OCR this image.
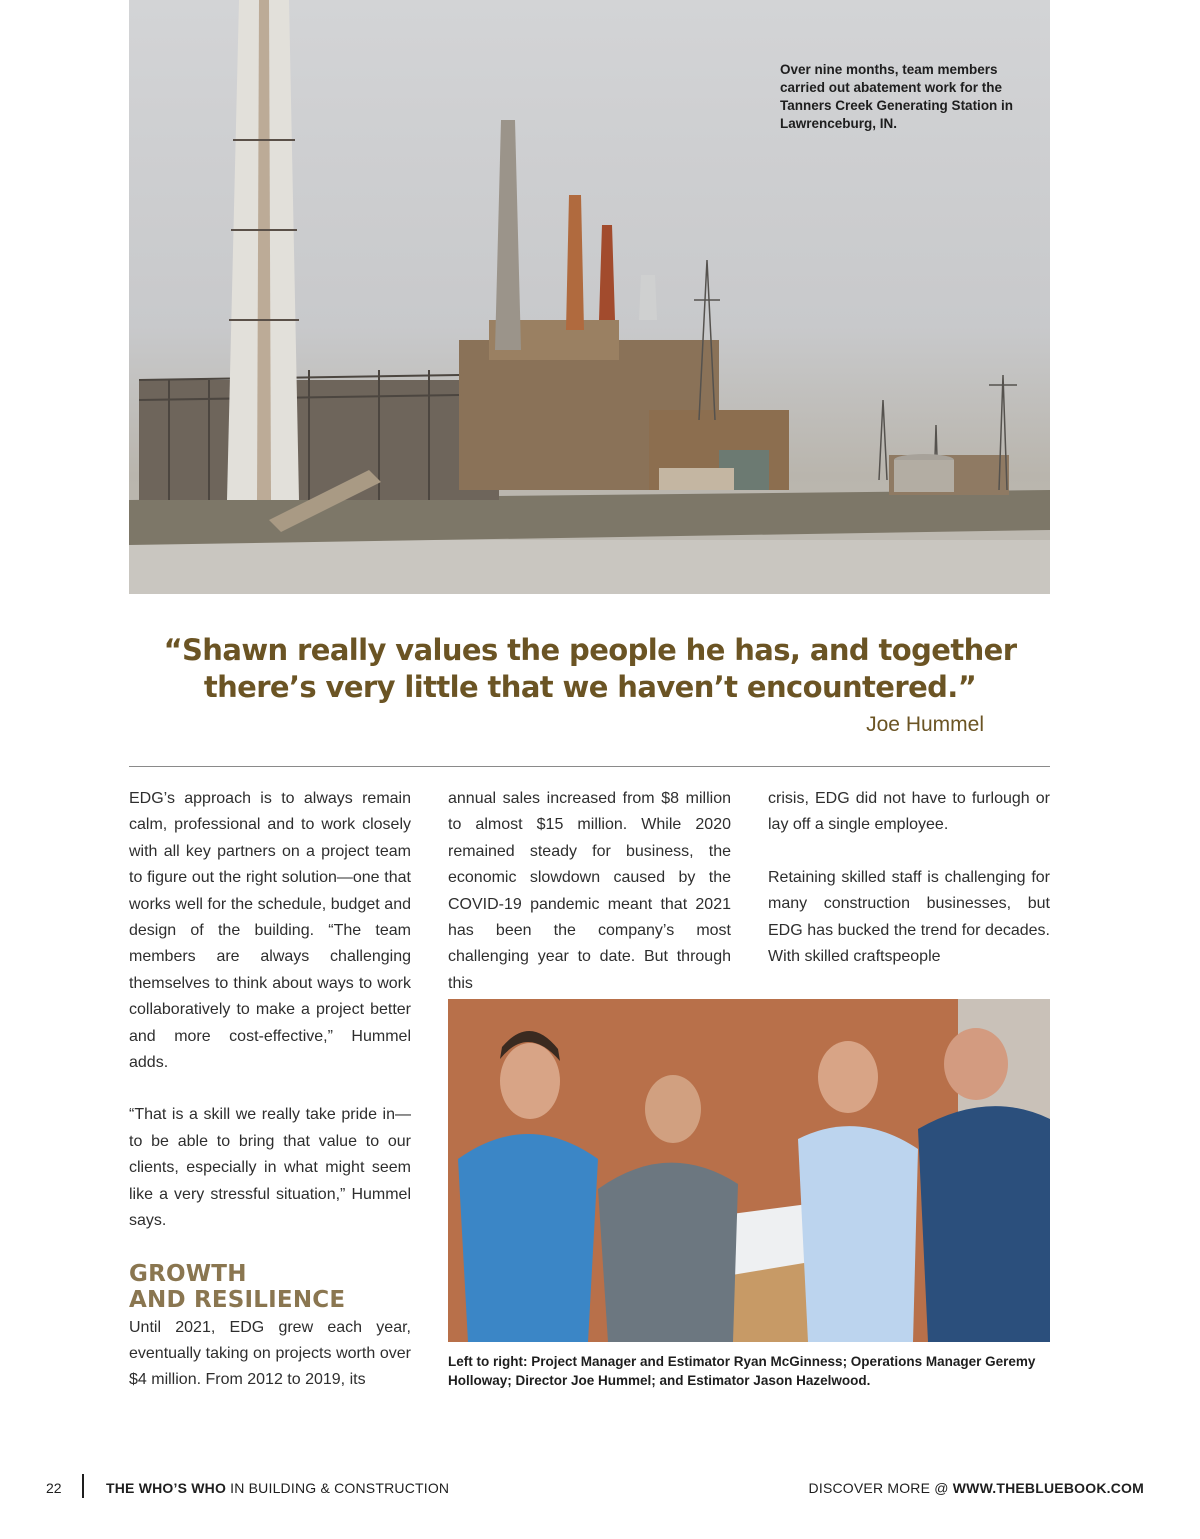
Over nine months, team members carried out abatement work for the Tanners Creek Generating Station in Lawrenceburg, IN.
“Shawn really values the people he has, and together
there’s very little that we haven’t encountered.”
Joe Hummel

EDG’s approach is to always remain calm, professional and to work closely with all key partners on a project team to figure out the right solution—one that works well for the schedule, budget and design of the building. “The team members are always challenging themselves to think about ways to work collaboratively to make a project better and more cost-effective,” Hummel adds.

“That is a skill we really take pride in—to be able to bring that value to our clients, especially in what might seem like a very stressful situation,” Hummel says.

GROWTH
AND RESILIENCE

Until 2021, EDG grew each year, eventually taking on projects worth over $4 million. From 2012 to 2019, its

annual sales increased from $8 million to almost $15 million. While 2020 remained steady for business, the economic slowdown caused by the COVID-19 pandemic meant that 2021 has been the company’s most challenging year to date. But through this

crisis, EDG did not have to furlough or lay off a single employee.

Retaining skilled staff is challenging for many construction businesses, but EDG has bucked the trend for decades. With skilled craftspeople

Left to right: Project Manager and Estimator Ryan McGinness; Operations Manager Geremy Holloway; Director Joe Hummel; and Estimator Jason Hazelwood.
22	THE WHO’S WHO IN BUILDING & CONSTRUCTION	DISCOVER MORE @ WWW.THEBLUEBOOK.COM
